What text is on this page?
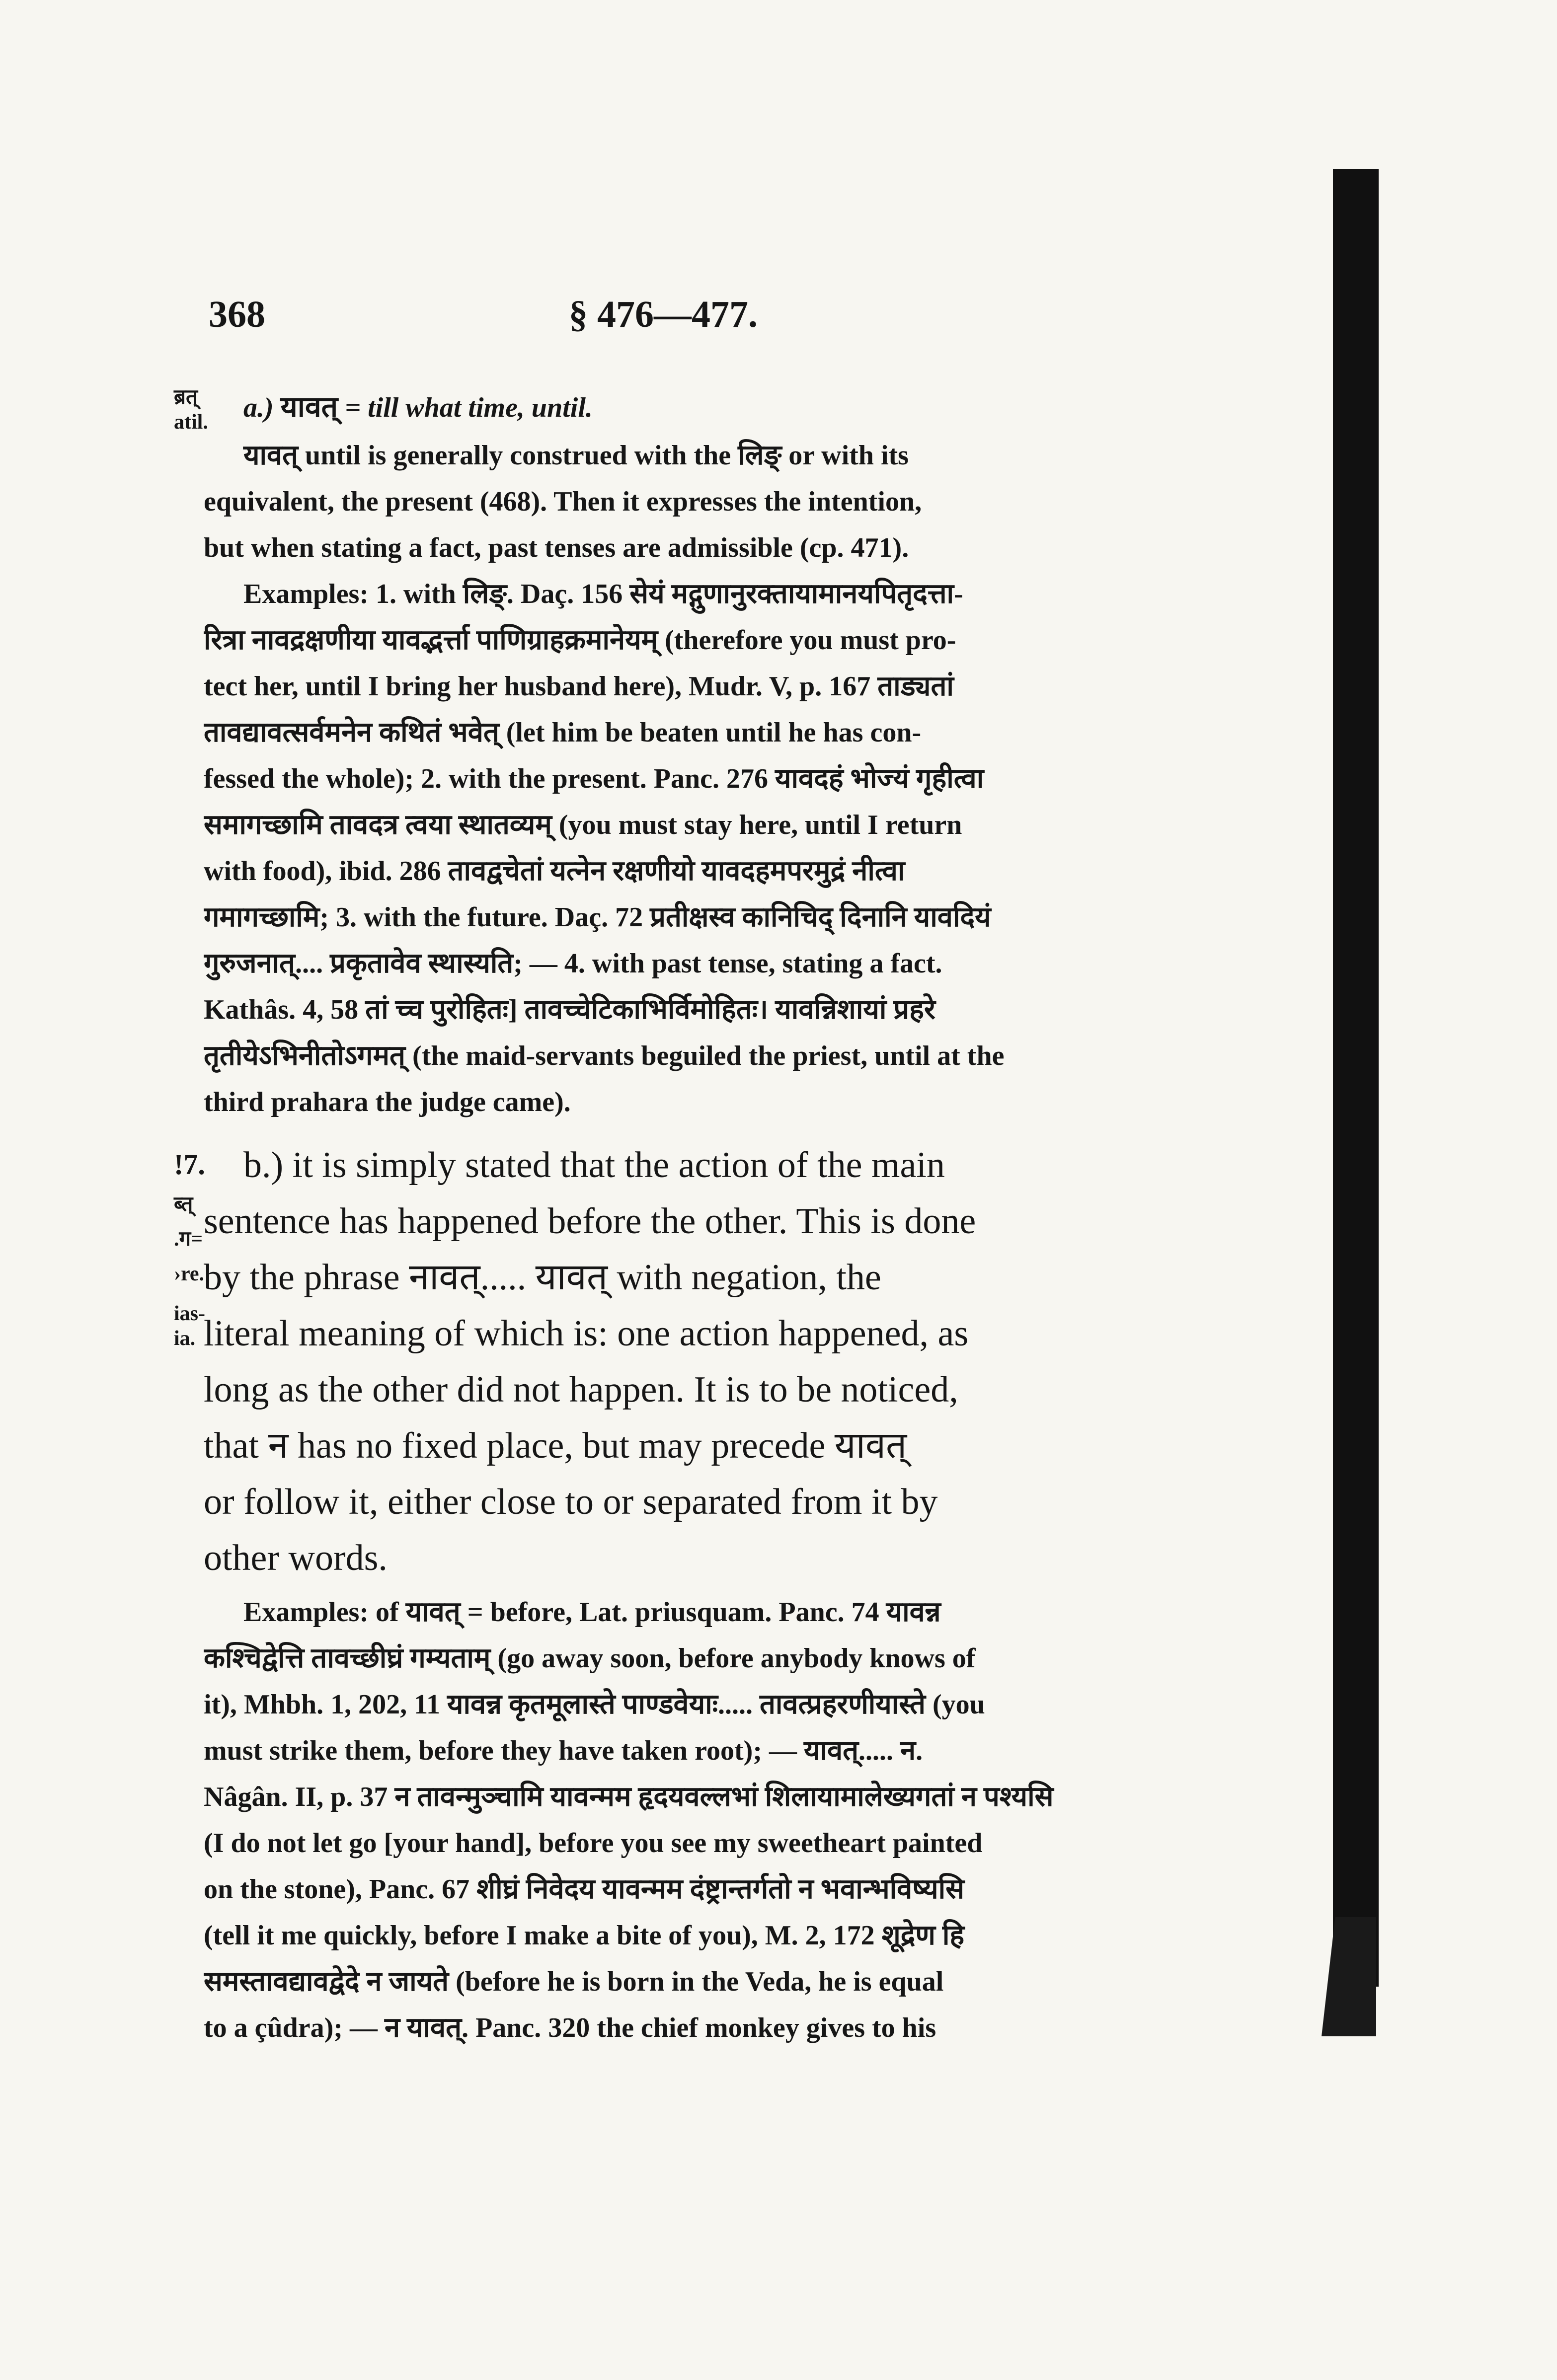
368	§ 476—477.
ब्रत्
atil.	a.) यावत् = till what time, until.
यावत् until is generally construed with the लिङ् or with its
equivalent, the present (468). Then it expresses the intention,
but when stating a fact, past tenses are admissible (cp. 471).
Examples: 1. with लिङ्. Daç. 156 सेयं मद्गुणानुरक्तायामानयपितृदत्ता-
रित्रा नावद्रक्षणीया यावद्भर्त्ता पाणिग्राहक्रमानेयम् (therefore you must pro-
tect her, until I bring her husband here), Mudr. V, p. 167 ताड्यतां
तावद्यावत्सर्वमनेन कथितं भवेत् (let him be beaten until he has con-
fessed the whole); 2. with the present. Panc. 276 यावदहं भोज्यं गृहीत्वा
समागच्छामि तावदत्र त्वया स्थातव्यम् (you must stay here, until I return
with food), ibid. 286 तावद्वचेतां यत्नेन रक्षणीयो यावदहमपरमुद्रं नीत्वा
गमागच्छामि; 3. with the future. Daç. 72 प्रतीक्षस्व कानिचिद् दिनानि यावदियं
गुरुजनात्.... प्रकृतावेव स्थास्यति; — 4. with past tense, stating a fact.
Kathâs. 4, 58 तां च्च पुरोहितः] तावच्चेटिकाभिर्विमोहितः। यावन्निशायां प्रहरे
तृतीयेऽभिनीतोऽगमत् (the maid-servants beguiled the priest, until at the
third prahara the judge came).
!7.
ब्त्
.ग=
›re.
ias-
ia.
b.) it is simply stated that the action of the main
sentence has happened before the other. This is done
by the phrase नावत्..... यावत् with negation, the
literal meaning of which is: one action happened, as
long as the other did not happen. It is to be noticed,
that न has no fixed place, but may precede यावत्
or follow it, either close to or separated from it by
other words.
Examples: of यावत् = before, Lat. priusquam. Panc. 74 यावन्न
कश्चिद्वेत्ति तावच्छीघ्रं गम्यताम् (go away soon, before anybody knows of
it), Mhbh. 1, 202, 11 यावन्न कृतमूलास्ते पाण्डवेयाः..... तावत्प्रहरणीयास्ते (you
must strike them, before they have taken root); — यावत्..... न.
Nâgân. II, p. 37 न तावन्मुञ्चामि यावन्मम हृदयवल्लभां शिलायामालेख्यगतां न पश्यसि
(I do not let go [your hand], before you see my sweetheart painted
on the stone), Panc. 67 शीघ्रं निवेदय यावन्मम दंष्ट्रान्तर्गतो न भवान्भविष्यसि
(tell it me quickly, before I make a bite of you), M. 2, 172 शूद्रेण हि
समस्तावद्यावद्वेदे न जायते (before he is born in the Veda, he is equal
to a çûdra); — न यावत्. Panc. 320 the chief monkey gives to his
